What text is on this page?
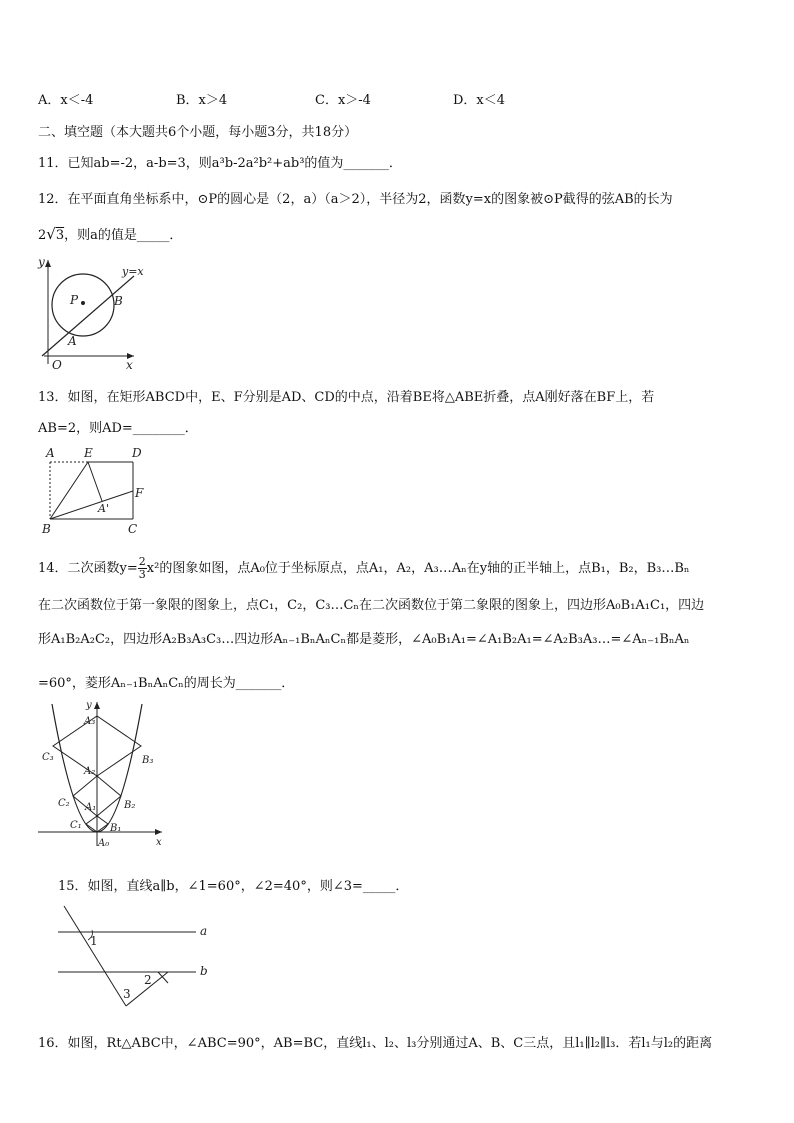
A．x＜-4	B．x＞4	C．x＞-4	D．x＜4
二、填空题（本大题共6个小题，每小题3分，共18分）
11．已知ab=-2，a-b=3，则a³b-2a²b²+ab³的值为_______．
12．在平面直角坐标系中，⊙P的圆心是（2，a）（a＞2），半径为2，函数y=x的图象被⊙P截得的弦AB的长为
2√3，则a的值是_____．
y
x
y=x
P	B
A
O
13．如图，在矩形ABCD中，E、F分别是AD、CD的中点，沿着BE将△ABE折叠，点A刚好落在BF上，若
AB=2，则AD=________．
A E	D
F
A'
B	C
14．二次函数$y= \frac{2}{3} x^2$的图象如图，点A₀位于坐标原点，点A₁，A₂，A₃…Aₙ在y轴的正半轴上，点B₁，B₂，B₃…Bₙ
在二次函数位于第一象限的图象上，点C₁，C₂，C₃…Cₙ在二次函数位于第二象限的图象上，四边形A₀B₁A₁C₁，四边
形A₁B₂A₂C₂，四边形A₂B₃A₃C₃…四边形Aₙ₋₁BₙAₙCₙ都是菱形，∠A₀B₁A₁=∠A₁B₂A₁=∠A₂B₃A₃…=∠Aₙ₋₁BₙAₙ
=60°，菱形Aₙ₋₁BₙAₙCₙ的周长为_______．
A₃
C₃	B₃
A₂
C₂	B₂
A₁
C₁	B₁
A₀
y
x
15．如图，直线a∥b，∠1=60°，∠2=40°，则∠3=_____．
a
b
1
2
3
16．如图，Rt△ABC中，∠ABC=90°，AB=BC，直线l₁、l₂、l₃分别通过A、B、C三点，且l₁∥l₂∥l₃．若l₁与l₂的距离
